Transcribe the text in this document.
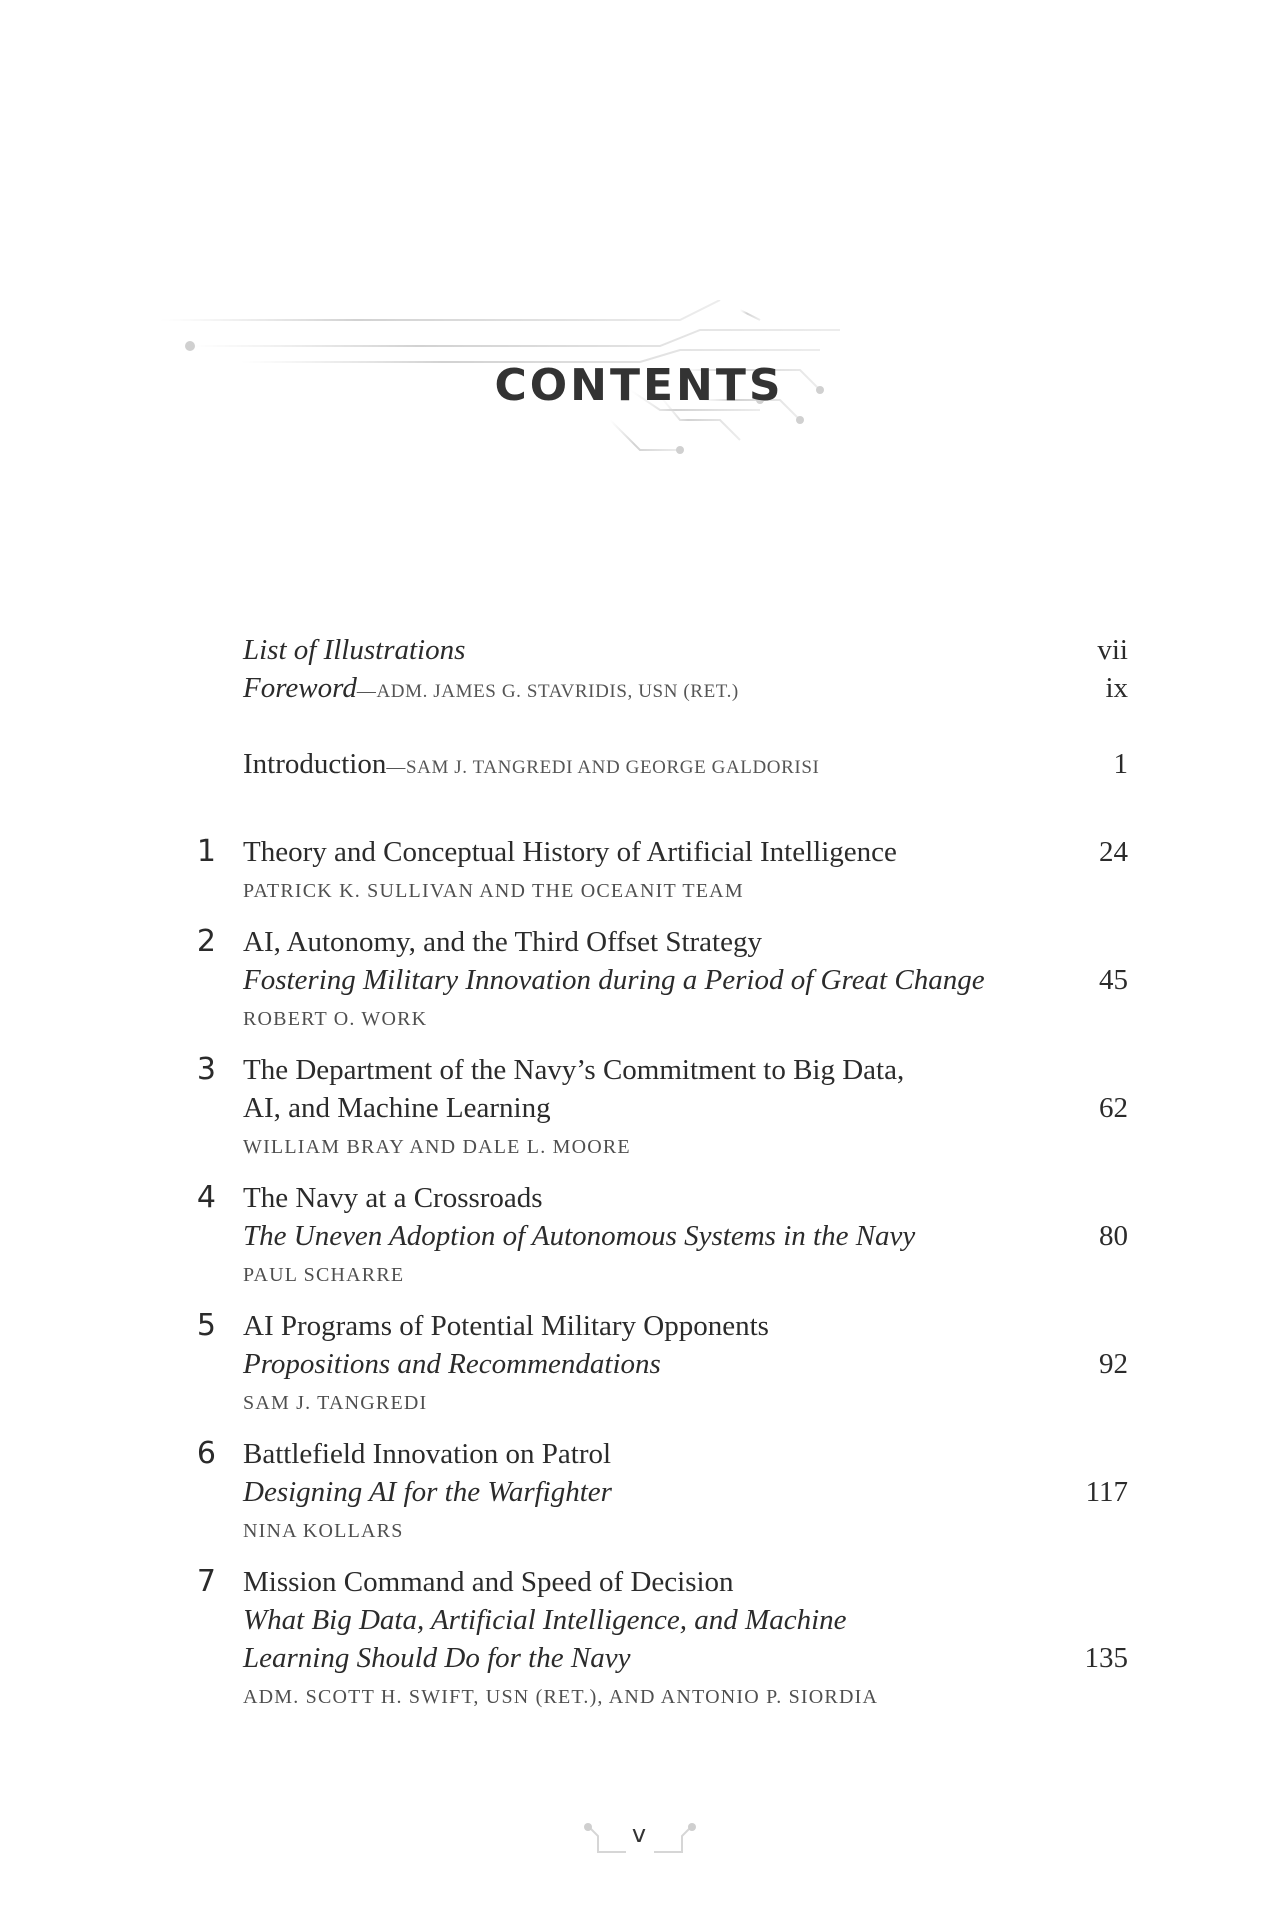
CONTENTS
List of Illustrations	vii
Foreword—ADM. JAMES G. STAVRIDIS, USN (RET.)	ix
Introduction—SAM J. TANGREDI AND GEORGE GALDORISI	1
1 Theory and Conceptual History of Artificial Intelligence	24
PATRICK K. SULLIVAN AND THE OCEANIT TEAM
2 AI, Autonomy, and the Third Offset Strategy
Fostering Military Innovation during a Period of Great Change	45
ROBERT O. WORK
3 The Department of the Navy’s Commitment to Big Data,
AI, and Machine Learning	62
WILLIAM BRAY AND DALE L. MOORE
4 The Navy at a Crossroads
The Uneven Adoption of Autonomous Systems in the Navy	80
PAUL SCHARRE
5 AI Programs of Potential Military Opponents
Propositions and Recommendations	92
SAM J. TANGREDI
6 Battlefield Innovation on Patrol
Designing AI for the Warfighter	117
NINA KOLLARS
7 Mission Command and Speed of Decision
What Big Data, Artificial Intelligence, and Machine
Learning Should Do for the Navy	135
ADM. SCOTT H. SWIFT, USN (RET.), AND ANTONIO P. SIORDIA
v
